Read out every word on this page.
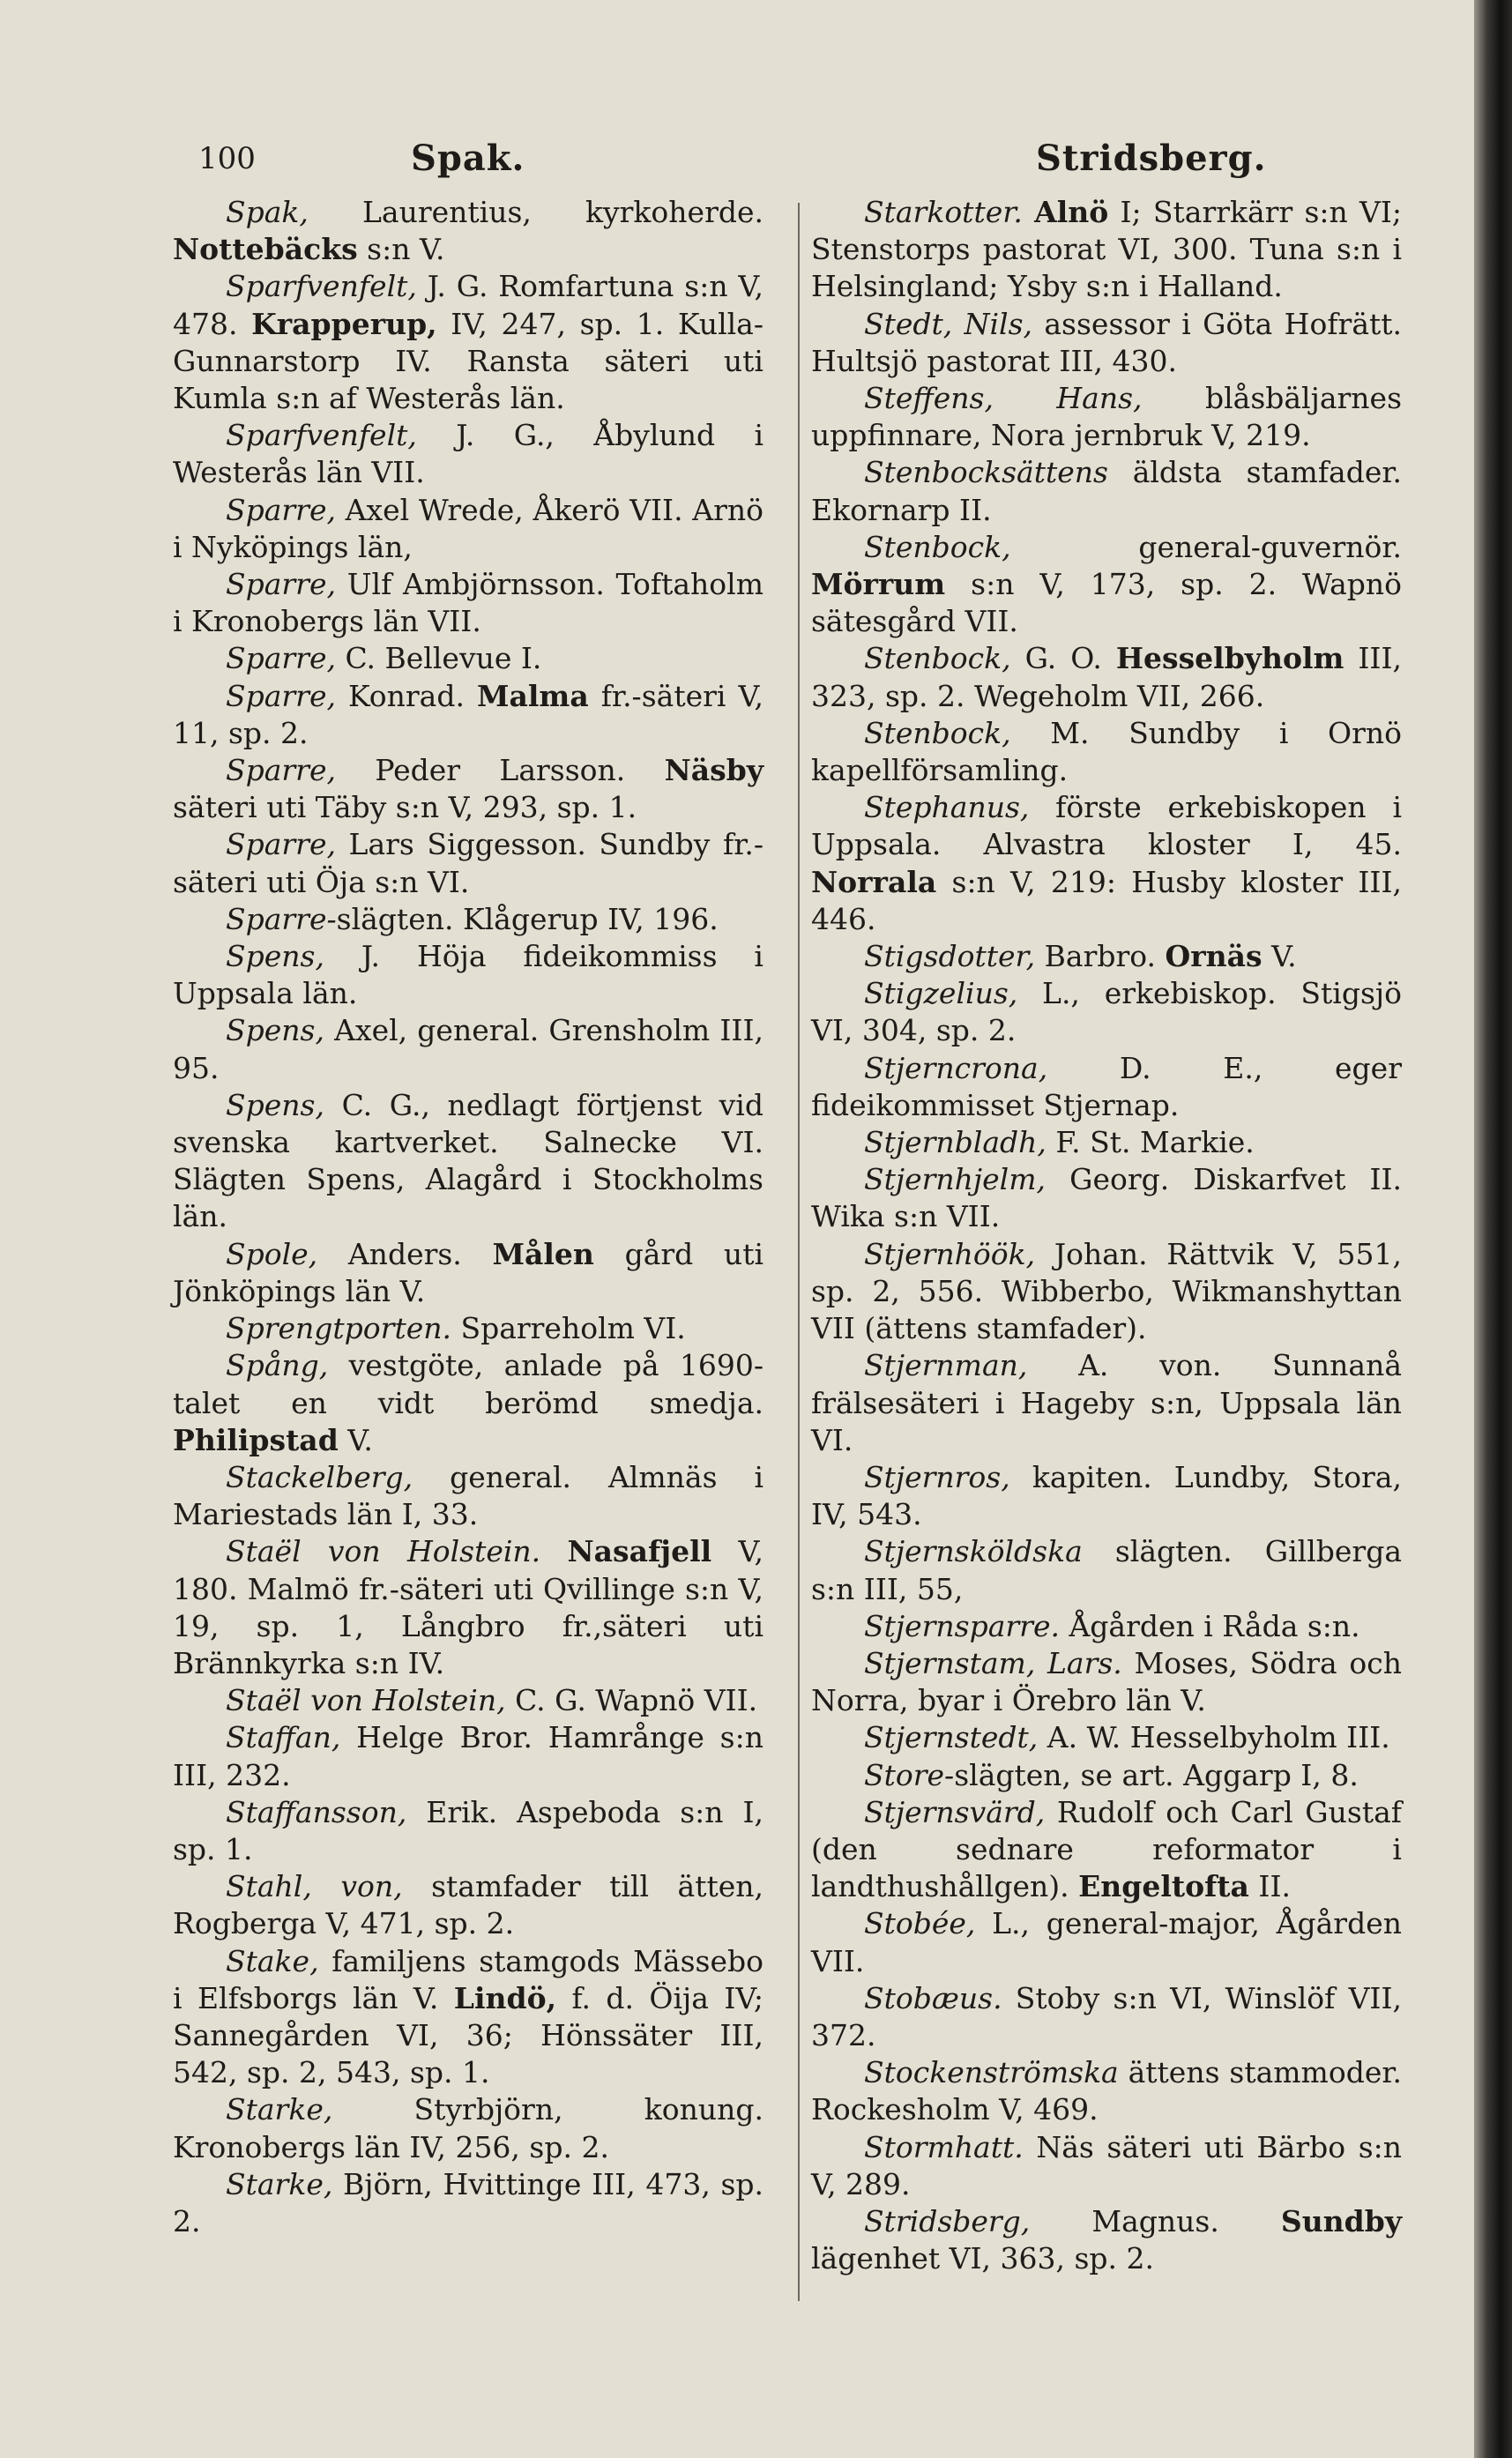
100	Spak.	Stridsberg.

Spak, Laurentius, kyrkoherde. Nottebäcks s:n V.

Sparfvenfelt, J. G. Romfartuna s:n V, 478. Krapperup, IV, 247, sp. 1. Kulla-Gunnarstorp IV. Ransta säteri uti Kumla s:n af Westerås län.

Sparfvenfelt, J. G., Åbylund i Westerås län VII.

Sparre, Axel Wrede, Åkerö VII. Arnö i Nyköpings län,

Sparre, Ulf Ambjörnsson. Toftaholm i Kronobergs län VII.

Sparre, C. Bellevue I.

Sparre, Konrad. Malma fr.-säteri V, 11, sp. 2.

Sparre, Peder Larsson. Näsby säteri uti Täby s:n V, 293, sp. 1.

Sparre, Lars Siggesson. Sundby fr.-säteri uti Öja s:n VI.

Sparre-slägten. Klågerup IV, 196.

Spens, J. Höja fideikommiss i Uppsala län.

Spens, Axel, general. Grensholm III, 95.

Spens, C. G., nedlagt förtjenst vid svenska kartverket. Salnecke VI. Slägten Spens, Alagård i Stockholms län.

Spole, Anders. Målen gård uti Jönköpings län V.

Sprengtporten. Sparreholm VI.

Spång, vestgöte, anlade på 1690-talet en vidt berömd smedja. Philipstad V.

Stackelberg, general. Almnäs i Mariestads län I, 33.

Staël von Holstein. Nasafjell V, 180. Malmö fr.-säteri uti Qvillinge s:n V, 19, sp. 1, Långbro fr.,säteri uti Brännkyrka s:n IV.

Staël von Holstein, C. G. Wapnö VII.

Staffan, Helge Bror. Hamrånge s:n III, 232.

Staffansson, Erik. Aspeboda s:n I, sp. 1.

Stahl, von, stamfader till ätten, Rogberga V, 471, sp. 2.

Stake, familjens stamgods Mässebo i Elfsborgs län V. Lindö, f. d. Öija IV; Sannegården VI, 36; Hönssäter III, 542, sp. 2, 543, sp. 1.

Starke, Styrbjörn, konung. Kronobergs län IV, 256, sp. 2.

Starke, Björn, Hvittinge III, 473, sp. 2.

Starkotter. Alnö I; Starrkärr s:n VI; Stenstorps pastorat VI, 300. Tuna s:n i Helsingland; Ysby s:n i Halland.

Stedt, Nils, assessor i Göta Hofrätt. Hultsjö pastorat III, 430.

Steffens, Hans, blåsbäljarnes uppfinnare, Nora jernbruk V, 219.

Stenbocksättens äldsta stamfader. Ekornarp II.

Stenbock, general-guvernör. Mörrum s:n V, 173, sp. 2. Wapnö sätesgård VII.

Stenbock, G. O. Hesselbyholm III, 323, sp. 2. Wegeholm VII, 266.

Stenbock, M. Sundby i Ornö kapellförsamling.

Stephanus, förste erkebiskopen i Uppsala. Alvastra kloster I, 45. Norrala s:n V, 219: Husby kloster III, 446.

Stigsdotter, Barbro. Ornäs V.

Stigzelius, L., erkebiskop. Stigsjö VI, 304, sp. 2.

Stjerncrona, D. E., eger fideikommisset Stjernap.

Stjernbladh, F. St. Markie.

Stjernhjelm, Georg. Diskarfvet II. Wika s:n VII.

Stjernhöök, Johan. Rättvik V, 551, sp. 2, 556. Wibberbo, Wikmanshyttan VII (ättens stamfader).

Stjernman, A. von. Sunnanå frälsesäteri i Hageby s:n, Uppsala län VI.

Stjernros, kapiten. Lundby, Stora, IV, 543.

Stjernsköldska slägten. Gillberga s:n III, 55,

Stjernsparre. Ågården i Råda s:n.

Stjernstam, Lars. Moses, Södra och Norra, byar i Örebro län V.

Stjernstedt, A. W. Hesselbyholm III.

Store-slägten, se art. Aggarp I, 8.

Stjernsvärd, Rudolf och Carl Gustaf (den sednare reformator i landthushållgen). Engeltofta II.

Stobée, L., general-major, Ågården VII.

Stobæus. Stoby s:n VI, Winslöf VII, 372.

Stockenströmska ättens stammoder. Rockesholm V, 469.

Stormhatt. Näs säteri uti Bärbo s:n V, 289.

Stridsberg, Magnus. Sundby lägenhet VI, 363, sp. 2.
